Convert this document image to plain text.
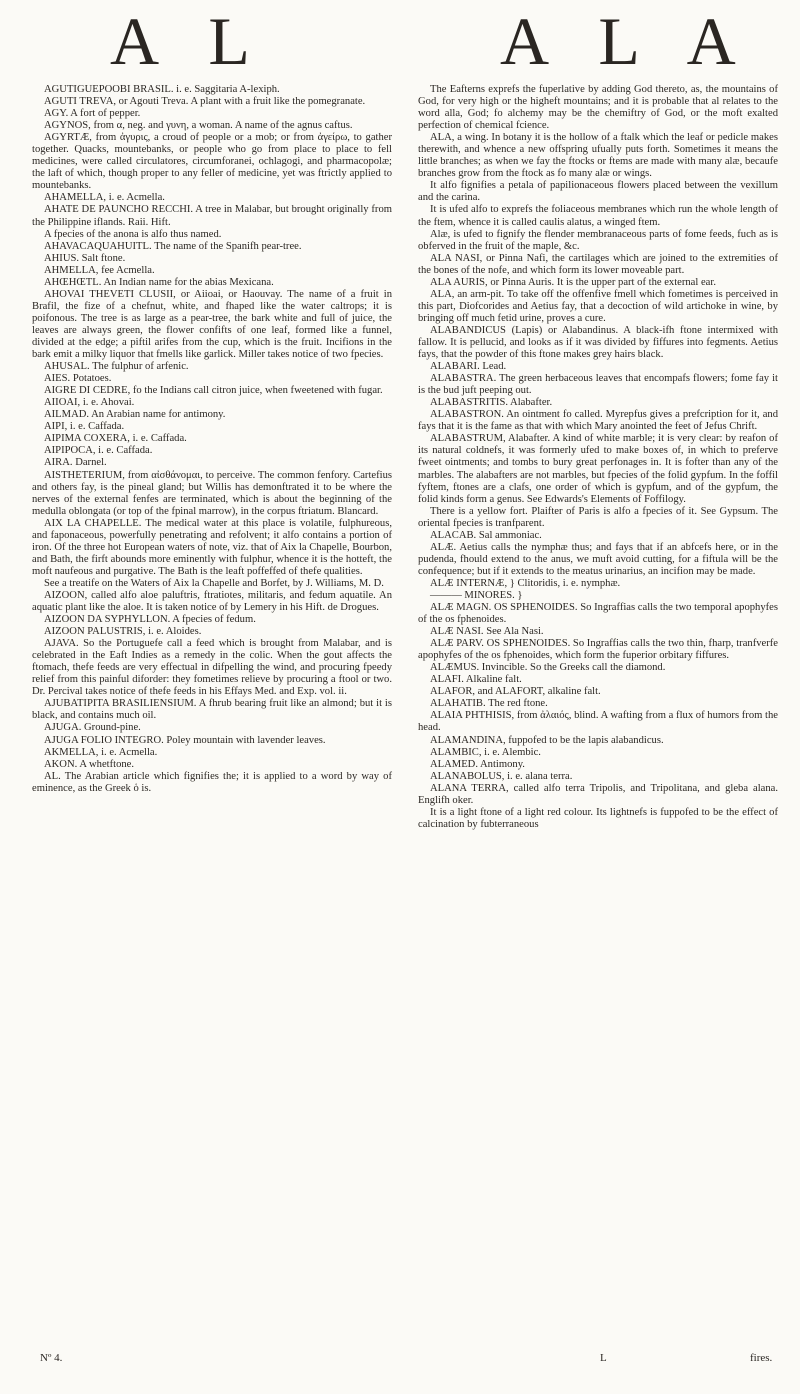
A L	A L A

AGUTIGUEPOOBI BRASIL. i. e. Saggitaria A-lexiph.

AGUTI TREVA, or Agouti Treva. A plant with a fruit like the pomegranate.

AGY. A fort of pepper.

AGYNOS, from α, neg. and γυνη, a woman. A name of the agnus caftus.

AGYRTÆ, from ἀγυρις, a croud of people or a mob; or from ἀγείρω, to gather together. Quacks, mountebanks, or people who go from place to place to fell medicines, were called circulatores, circumforanei, ochlagogi, and pharmacopolæ; the laft of which, though proper to any feller of medicine, yet was ftrictly applied to mountebanks.

AHAMELLA, i. e. Acmella.

AHATE DE PAUNCHO RECCHI. A tree in Malabar, but brought originally from the Philippine iflands. Raii. Hift.

A fpecies of the anona is alfo thus named.

AHAVACAQUAHUITL. The name of the Spanifh pear-tree.

AHIUS. Salt ftone.

AHMELLA, fee Acmella.

AHŒHŒTL. An Indian name for the abias Mexicana.

AHOVAI THEVETI CLUSII, or Aiioai, or Haouvay. The name of a fruit in Brafil, the fize of a chefnut, white, and fhaped like the water caltrops; it is poifonous. The tree is as large as a pear-tree, the bark white and full of juice, the leaves are always green, the flower confifts of one leaf, formed like a funnel, divided at the edge; a piftil arifes from the cup, which is the fruit. Incifions in the bark emit a milky liquor that fmells like garlick. Miller takes notice of two fpecies.

AHUSAL. The fulphur of arfenic.

AIES. Potatoes.

AIGRE DI CEDRE, fo the Indians call citron juice, when fweetened with fugar.

AIIOAI, i. e. Ahovai.

AILMAD. An Arabian name for antimony.

AIPI, i. e. Caffada.

AIPIMA COXERA, i. e. Caffada.

AIPIPOCA, i. e. Caffada.

AIRA. Darnel.

AISTHETERIUM, from αἰσθάνομαι, to perceive. The common fenfory. Cartefius and others fay, is the pineal gland; but Willis has demonftrated it to be where the nerves of the external fenfes are terminated, which is about the beginning of the medulla oblongata (or top of the fpinal marrow), in the corpus ftriatum. Blancard.

AIX LA CHAPELLE. The medical water at this place is volatile, fulphureous, and faponaceous, powerfully penetrating and refolvent; it alfo contains a portion of iron. Of the three hot European waters of note, viz. that of Aix la Chapelle, Bourbon, and Bath, the firft abounds more eminently with fulphur, whence it is the hotteft, the moft naufeous and purgative. The Bath is the leaft poffeffed of thefe qualities.

See a treatife on the Waters of Aix la Chapelle and Borfet, by J. Williams, M. D.

AIZOON, called alfo aloe paluftris, ftratiotes, militaris, and fedum aquatile. An aquatic plant like the aloe. It is taken notice of by Lemery in his Hift. de Drogues.

AIZOON DA SYPHYLLON. A fpecies of fedum.

AIZOON PALUSTRIS, i. e. Aloides.

AJAVA. So the Portuguefe call a feed which is brought from Malabar, and is celebrated in the Eaft Indies as a remedy in the colic. When the gout affects the ftomach, thefe feeds are very effectual in difpelling the wind, and procuring fpeedy relief from this painful diforder: they fometimes relieve by procuring a ftool or two. Dr. Percival takes notice of thefe feeds in his Effays Med. and Exp. vol. ii.

AJUBATIPITA BRASILIENSIUM. A fhrub bearing fruit like an almond; but it is black, and contains much oil.

AJUGA. Ground-pine.

AJUGA FOLIO INTEGRO. Poley mountain with lavender leaves.

AKMELLA, i. e. Acmella.

AKON. A whetftone.

AL. The Arabian article which fignifies the; it is applied to a word by way of eminence, as the Greek ὁ is.

The Eafterns exprefs the fuperlative by adding God thereto, as, the mountains of God, for very high or the higheft mountains; and it is probable that al relates to the word alla, God; fo alchemy may be the chemiftry of God, or the moft exalted perfection of chemical fcience.

ALA, a wing. In botany it is the hollow of a ftalk which the leaf or pedicle makes therewith, and whence a new offspring ufually puts forth. Sometimes it means the little branches; as when we fay the ftocks or ftems are made with many alæ, becaufe branches grow from the ftock as fo many alæ or wings.

It alfo fignifies a petala of papilionaceous flowers placed between the vexillum and the carina.

It is ufed alfo to exprefs the foliaceous membranes which run the whole length of the ftem, whence it is called caulis alatus, a winged ftem.

Alæ, is ufed to fignify the flender membranaceous parts of fome feeds, fuch as is obferved in the fruit of the maple, &c.

ALA NASI, or Pinna Nafi, the cartilages which are joined to the extremities of the bones of the nofe, and which form its lower moveable part.

ALA AURIS, or Pinna Auris. It is the upper part of the external ear.

ALA, an arm-pit. To take off the offenfive fmell which fometimes is perceived in this part, Diofcorides and Aetius fay, that a decoction of wild artichoke in wine, by bringing off much fetid urine, proves a cure.

ALABANDICUS (Lapis) or Alabandinus. A black-ifh ftone intermixed with fallow. It is pellucid, and looks as if it was divided by fiffures into fegments. Aetius fays, that the powder of this ftone makes grey hairs black.

ALABARI. Lead.

ALABASTRA. The green herbaceous leaves that encompafs flowers; fome fay it is the bud juft peeping out.

ALABASTRITIS. Alabafter.

ALABASTRON. An ointment fo called. Myrepfus gives a prefcription for it, and fays that it is the fame as that with which Mary anointed the feet of Jefus Chrift.

ALABASTRUM, Alabafter. A kind of white marble; it is very clear: by reafon of its natural coldnefs, it was formerly ufed to make boxes of, in which to preferve fweet ointments; and tombs to bury great perfonages in. It is fofter than any of the marbles. The alabafters are not marbles, but fpecies of the folid gypfum. In the foffil fyftem, ftones are a clafs, one order of which is gypfum, and of the gypfum, the folid kinds form a genus. See Edwards's Elements of Foffilogy.

There is a yellow fort. Plaifter of Paris is alfo a fpecies of it. See Gypsum. The oriental fpecies is tranfparent.

ALACAB. Sal ammoniac.

ALÆ. Aetius calls the nymphæ thus; and fays that if an abfcefs here, or in the pudenda, fhould extend to the anus, we muft avoid cutting, for a fiftula will be the confequence; but if it extends to the meatus urinarius, an incifion may be made.

ALÆ INTERNÆ, } Clitoridis, i. e. nymphæ.

——— MINORES. }

ALÆ MAGN. OS SPHENOIDES. So Ingraffias calls the two temporal apophyfes of the os fphenoides.

ALÆ NASI. See Ala Nasi.

ALÆ PARV. OS SPHENOIDES. So Ingraffias calls the two thin, fharp, tranfverfe apophyfes of the os fphenoides, which form the fuperior orbitary fiffures.

ALÆMUS. Invincible. So the Greeks call the diamond.

ALAFI. Alkaline falt.

ALAFOR, and ALAFORT, alkaline falt.

ALAHATIB. The red ftone.

ALAIA PHTHISIS, from ἀλαιός, blind. A wafting from a flux of humors from the head.

ALAMANDINA, fuppofed to be the lapis alabandicus.

ALAMBIC, i. e. Alembic.

ALAMED. Antimony.

ALANABOLUS, i. e. alana terra.

ALANA TERRA, called alfo terra Tripolis, and Tripolitana, and gleba alana. Englifh oker.

It is a light ftone of a light red colour. Its lightnefs is fuppofed to be the effect of calcination by fubterraneous

Nº 4.	L	fires.
